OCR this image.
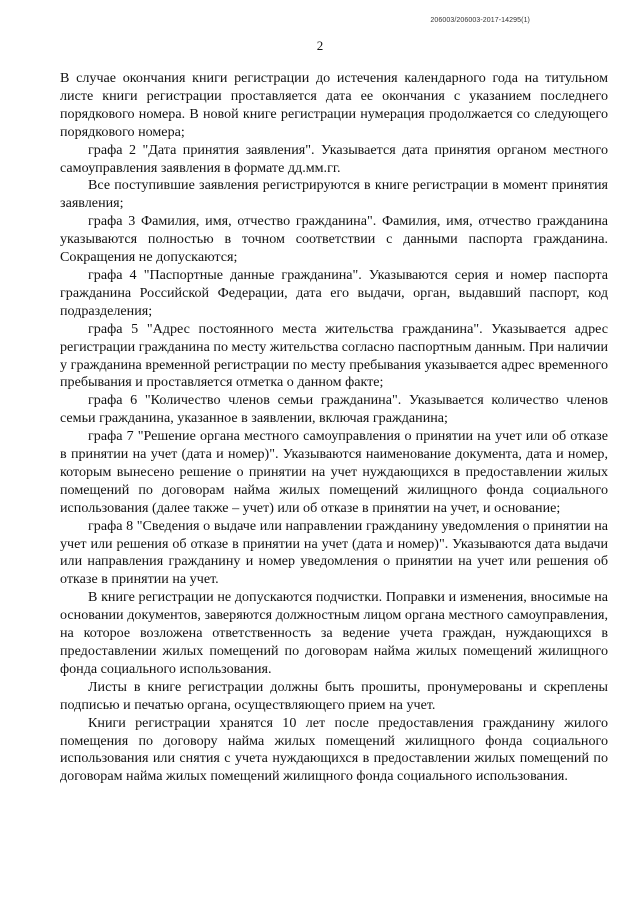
206003/206003-2017-14295(1)
2

В случае окончания книги регистрации до истечения календарного года на титульном листе книги регистрации проставляется дата ее окончания с указанием последнего порядкового номера. В новой книге регистрации нумерация продолжается со следующего порядкового номера;

графа 2 "Дата принятия заявления". Указывается дата принятия органом местного самоуправления заявления в формате дд.мм.гг.

Все поступившие заявления регистрируются в книге регистрации в момент принятия заявления;

графа 3 Фамилия, имя, отчество гражданина". Фамилия, имя, отчество гражданина указываются полностью в точном соответствии с данными паспорта гражданина. Сокращения не допускаются;

графа 4 "Паспортные данные гражданина". Указываются серия и номер паспорта гражданина Российской Федерации, дата его выдачи, орган, выдавший паспорт, код подразделения;

графа 5 "Адрес постоянного места жительства гражданина". Указывается адрес регистрации гражданина по месту жительства согласно паспортным данным. При наличии у гражданина временной регистрации по месту пребывания указывается адрес временного пребывания и проставляется отметка о данном факте;

графа 6 "Количество членов семьи гражданина". Указывается количество членов семьи гражданина, указанное в заявлении, включая гражданина;

графа 7 "Решение органа местного самоуправления о принятии на учет или об отказе в принятии на учет (дата и номер)". Указываются наименование документа, дата и номер, которым вынесено решение о принятии на учет нуждающихся в предоставлении жилых помещений по договорам найма жилых помещений жилищного фонда социального использования (далее также – учет) или об отказе в принятии на учет, и основание;

графа 8 "Сведения о выдаче или направлении гражданину уведомления о принятии на учет или решения об отказе в принятии на учет (дата и номер)". Указываются дата выдачи или направления гражданину и номер уведомления о принятии на учет или решения об отказе в принятии на учет.

В книге регистрации не допускаются подчистки. Поправки и изменения, вносимые на основании документов, заверяются должностным лицом органа местного самоуправления, на которое возложена ответственность за ведение учета граждан, нуждающихся в предоставлении жилых помещений по договорам найма жилых помещений жилищного фонда социального использования.

Листы в книге регистрации должны быть прошиты, пронумерованы и скреплены подписью и печатью органа, осуществляющего прием на учет.

Книги регистрации хранятся 10 лет после предоставления гражданину жилого помещения по договору найма жилых помещений жилищного фонда социального использования или снятия с учета нуждающихся в предоставлении жилых помещений по договорам найма жилых помещений жилищного фонда социального использования.
